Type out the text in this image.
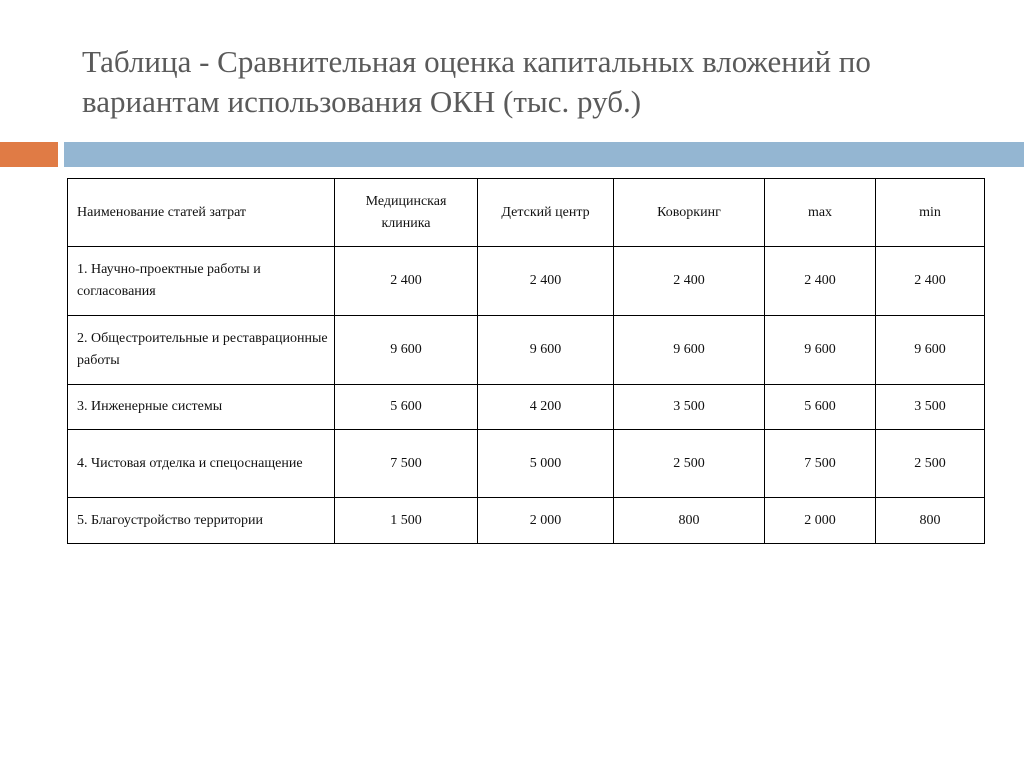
Таблица - Сравнительная оценка капитальных вложений по вариантам использования ОКН (тыс. руб.)
Наименование статей затрат	Медицинская клиника	Детский центр	Коворкинг	max	min
1. Научно-проектные работы и согласования	2 400	2 400	2 400	2 400	2 400
2. Общестроительные и реставрационные работы	9 600	9 600	9 600	9 600	9 600
3. Инженерные системы	5 600	4 200	3 500	5 600	3 500
4. Чистовая отделка и спецоснащение	7 500	5 000	2 500	7 500	2 500
5. Благоустройство территории	1 500	2 000	800	2 000	800
